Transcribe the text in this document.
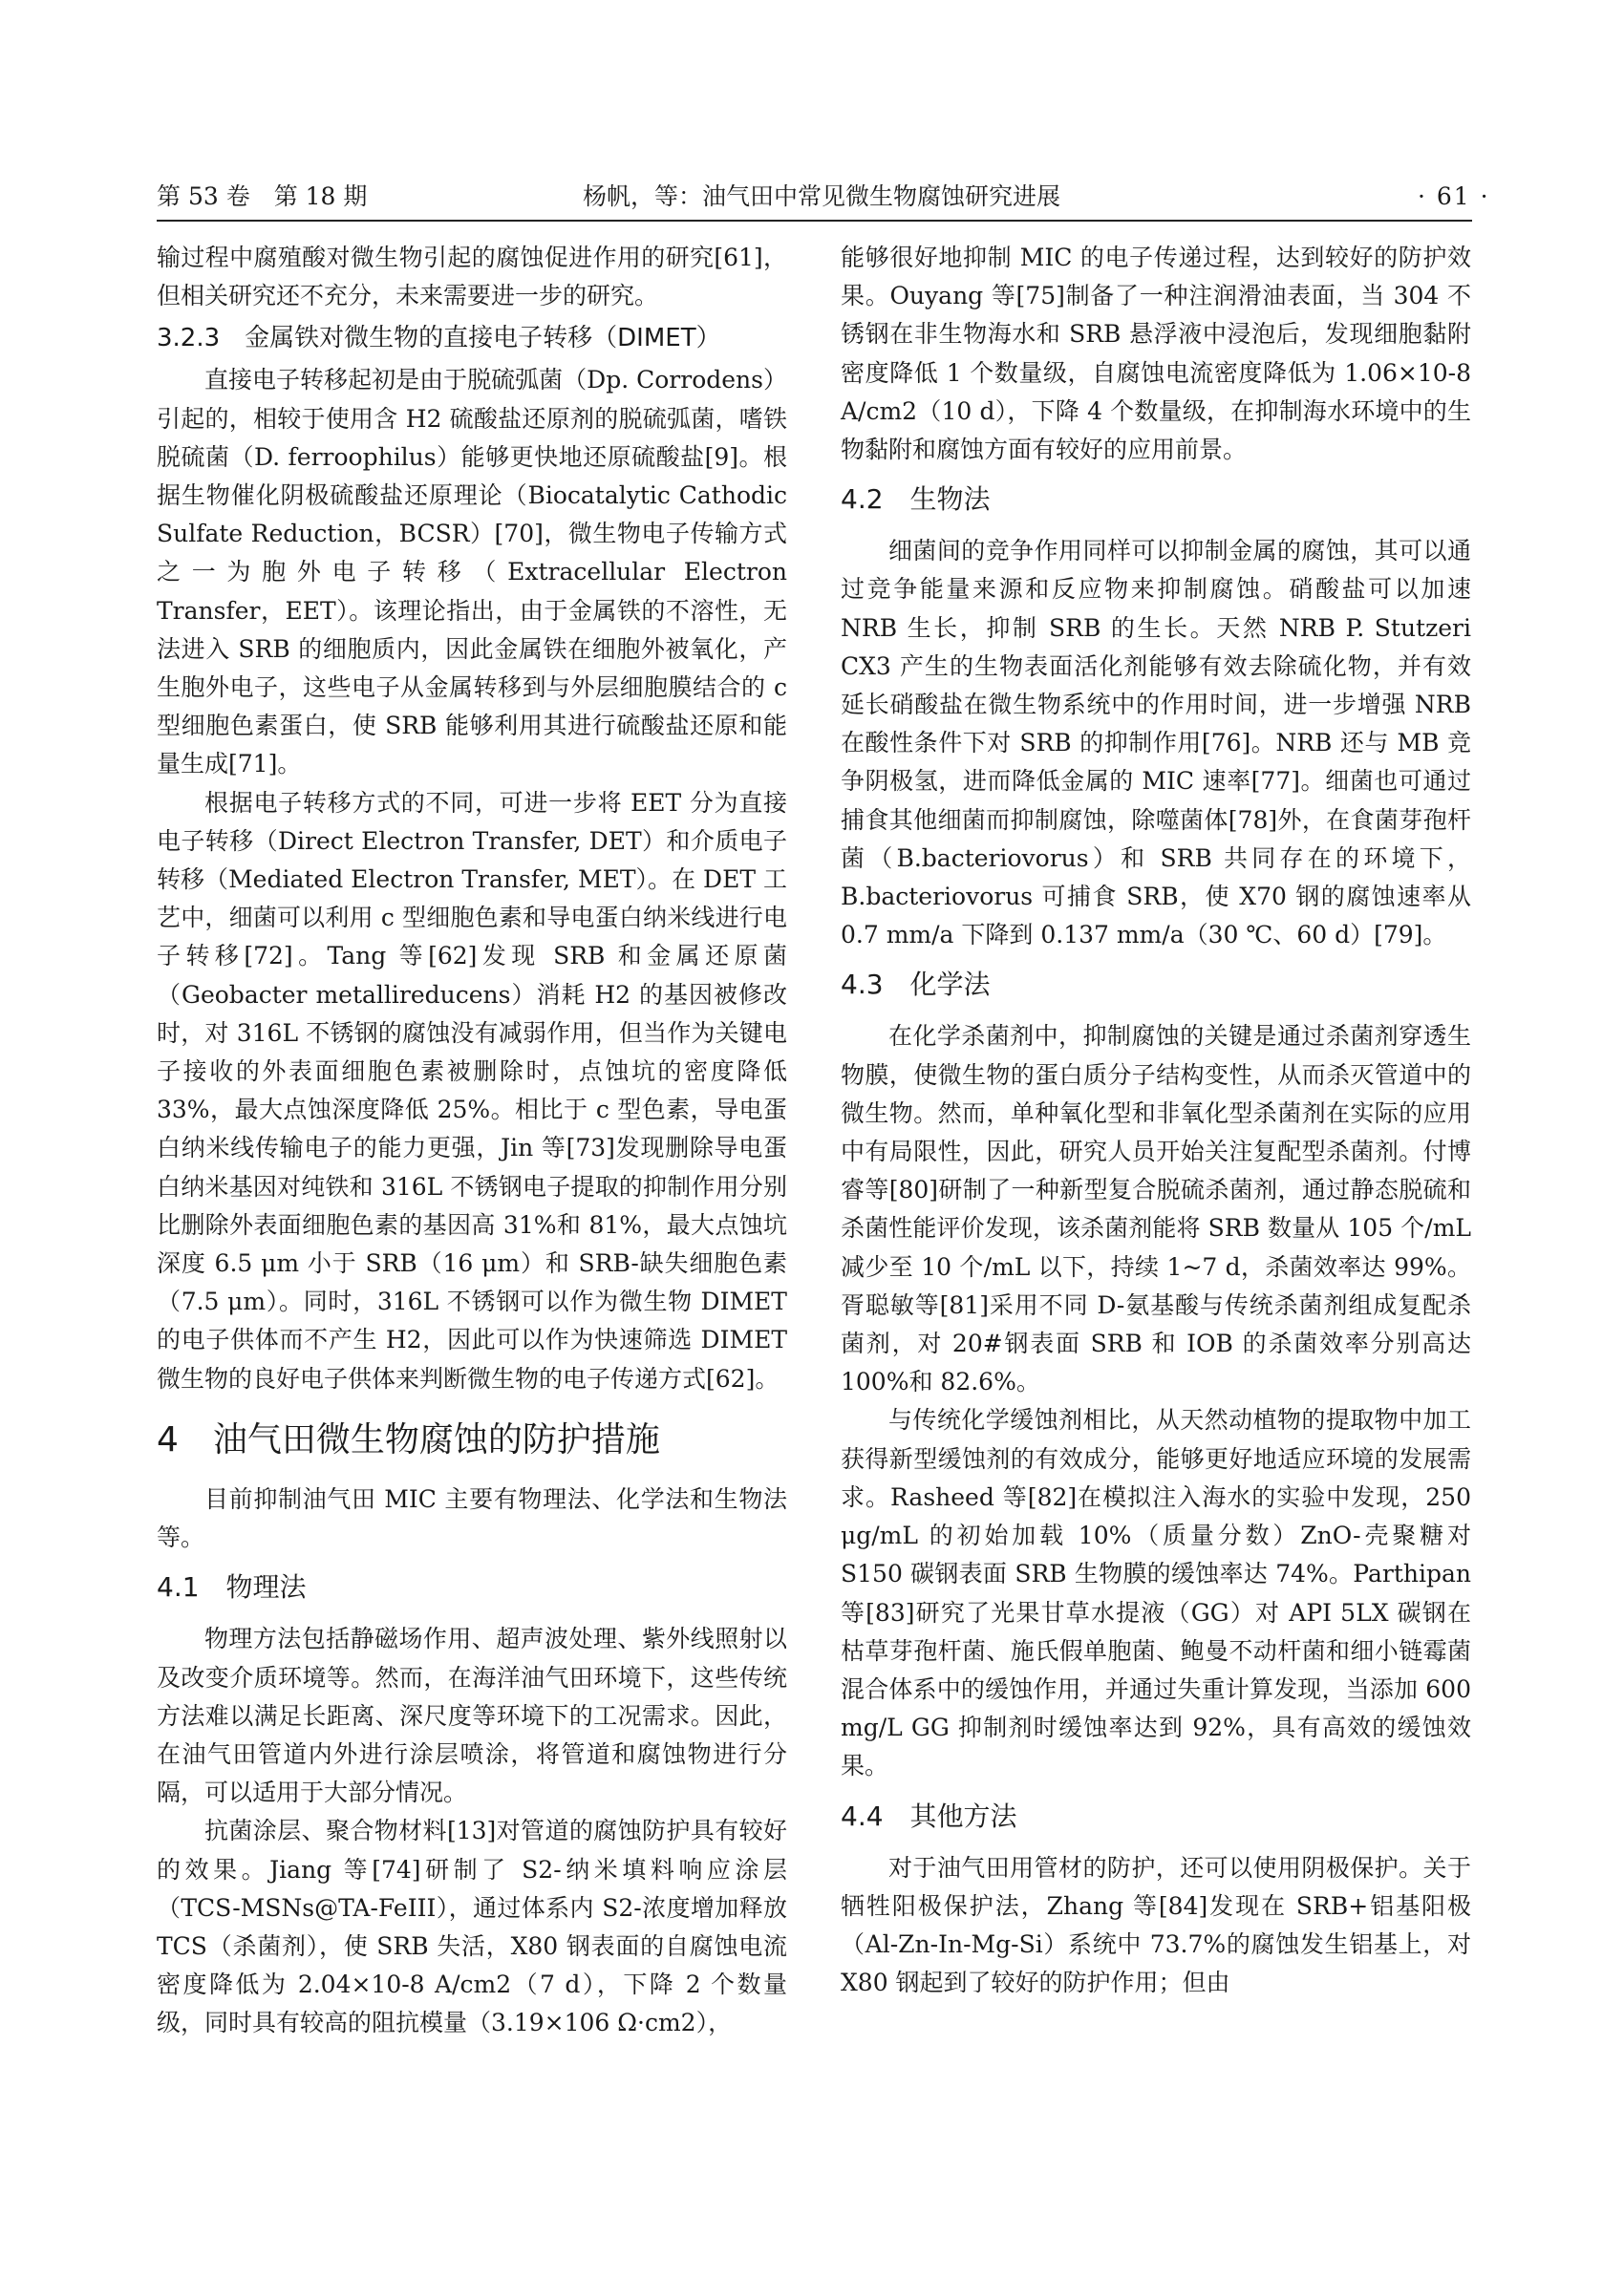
第 53 卷　第 18 期	杨帆，等：油气田中常见微生物腐蚀研究进展	· 61 ·

输过程中腐殖酸对微生物引起的腐蚀促进作用的研究[61]，但相关研究还不充分，未来需要进一步的研究。

3.2.3　金属铁对微生物的直接电子转移（DIMET）

直接电子转移起初是由于脱硫弧菌（Dp. Corrodens）引起的，相较于使用含 H2 硫酸盐还原剂的脱硫弧菌，嗜铁脱硫菌（D. ferroophilus）能够更快地还原硫酸盐[9]。根据生物催化阴极硫酸盐还原理论（Biocatalytic Cathodic Sulfate Reduction，BCSR）[70]，微生物电子传输方式之一为胞外电子转移（Extracellular Electron Transfer，EET）。该理论指出，由于金属铁的不溶性，无法进入 SRB 的细胞质内，因此金属铁在细胞外被氧化，产生胞外电子，这些电子从金属转移到与外层细胞膜结合的 c 型细胞色素蛋白，使 SRB 能够利用其进行硫酸盐还原和能量生成[71]。

根据电子转移方式的不同，可进一步将 EET 分为直接电子转移（Direct Electron Transfer, DET）和介质电子转移（Mediated Electron Transfer, MET）。在 DET 工艺中，细菌可以利用 c 型细胞色素和导电蛋白纳米线进行电子转移[72]。Tang 等[62]发现 SRB 和金属还原菌（Geobacter metallireducens）消耗 H2 的基因被修改时，对 316L 不锈钢的腐蚀没有减弱作用，但当作为关键电子接收的外表面细胞色素被删除时，点蚀坑的密度降低 33%，最大点蚀深度降低 25%。相比于 c 型色素，导电蛋白纳米线传输电子的能力更强，Jin 等[73]发现删除导电蛋白纳米基因对纯铁和 316L 不锈钢电子提取的抑制作用分别比删除外表面细胞色素的基因高 31%和 81%，最大点蚀坑深度 6.5 μm 小于 SRB（16 μm）和 SRB-缺失细胞色素（7.5 μm）。同时，316L 不锈钢可以作为微生物 DIMET 的电子供体而不产生 H2，因此可以作为快速筛选 DIMET 微生物的良好电子供体来判断微生物的电子传递方式[62]。

4　油气田微生物腐蚀的防护措施

目前抑制油气田 MIC 主要有物理法、化学法和生物法等。

4.1　物理法

物理方法包括静磁场作用、超声波处理、紫外线照射以及改变介质环境等。然而，在海洋油气田环境下，这些传统方法难以满足长距离、深尺度等环境下的工况需求。因此，在油气田管道内外进行涂层喷涂，将管道和腐蚀物进行分隔，可以适用于大部分情况。

抗菌涂层、聚合物材料[13]对管道的腐蚀防护具有较好的效果。Jiang 等[74]研制了 S2-纳米填料响应涂层（TCS-MSNs@TA-FeIII），通过体系内 S2-浓度增加释放 TCS（杀菌剂），使 SRB 失活，X80 钢表面的自腐蚀电流密度降低为 2.04×10-8 A/cm2（7 d），下降 2 个数量级，同时具有较高的阻抗模量（3.19×106 Ω·cm2），

能够很好地抑制 MIC 的电子传递过程，达到较好的防护效果。Ouyang 等[75]制备了一种注润滑油表面，当 304 不锈钢在非生物海水和 SRB 悬浮液中浸泡后，发现细胞黏附密度降低 1 个数量级，自腐蚀电流密度降低为 1.06×10-8 A/cm2（10 d），下降 4 个数量级，在抑制海水环境中的生物黏附和腐蚀方面有较好的应用前景。

4.2　生物法

细菌间的竞争作用同样可以抑制金属的腐蚀，其可以通过竞争能量来源和反应物来抑制腐蚀。硝酸盐可以加速 NRB 生长，抑制 SRB 的生长。天然 NRB P. Stutzeri CX3 产生的生物表面活化剂能够有效去除硫化物，并有效延长硝酸盐在微生物系统中的作用时间，进一步增强 NRB 在酸性条件下对 SRB 的抑制作用[76]。NRB 还与 MB 竞争阴极氢，进而降低金属的 MIC 速率[77]。细菌也可通过捕食其他细菌而抑制腐蚀，除噬菌体[78]外，在食菌芽孢杆菌（B.bacteriovorus）和 SRB 共同存在的环境下，B.bacteriovorus 可捕食 SRB，使 X70 钢的腐蚀速率从 0.7 mm/a 下降到 0.137 mm/a（30 ℃、60 d）[79]。

4.3　化学法

在化学杀菌剂中，抑制腐蚀的关键是通过杀菌剂穿透生物膜，使微生物的蛋白质分子结构变性，从而杀灭管道中的微生物。然而，单种氧化型和非氧化型杀菌剂在实际的应用中有局限性，因此，研究人员开始关注复配型杀菌剂。付博睿等[80]研制了一种新型复合脱硫杀菌剂，通过静态脱硫和杀菌性能评价发现，该杀菌剂能将 SRB 数量从 105 个/mL 减少至 10 个/mL 以下，持续 1~7 d，杀菌效率达 99%。胥聪敏等[81]采用不同 D-氨基酸与传统杀菌剂组成复配杀菌剂，对 20#钢表面 SRB 和 IOB 的杀菌效率分别高达 100%和 82.6%。

与传统化学缓蚀剂相比，从天然动植物的提取物中加工获得新型缓蚀剂的有效成分，能够更好地适应环境的发展需求。Rasheed 等[82]在模拟注入海水的实验中发现，250 μg/mL 的初始加载 10%（质量分数）ZnO-壳聚糖对 S150 碳钢表面 SRB 生物膜的缓蚀率达 74%。Parthipan 等[83]研究了光果甘草水提液（GG）对 API 5LX 碳钢在枯草芽孢杆菌、施氏假单胞菌、鲍曼不动杆菌和细小链霉菌混合体系中的缓蚀作用，并通过失重计算发现，当添加 600 mg/L GG 抑制剂时缓蚀率达到 92%，具有高效的缓蚀效果。

4.4　其他方法

对于油气田用管材的防护，还可以使用阴极保护。关于牺牲阳极保护法，Zhang 等[84]发现在 SRB+铝基阳极（Al-Zn-In-Mg-Si）系统中 73.7%的腐蚀发生铝基上，对 X80 钢起到了较好的防护作用；但由
